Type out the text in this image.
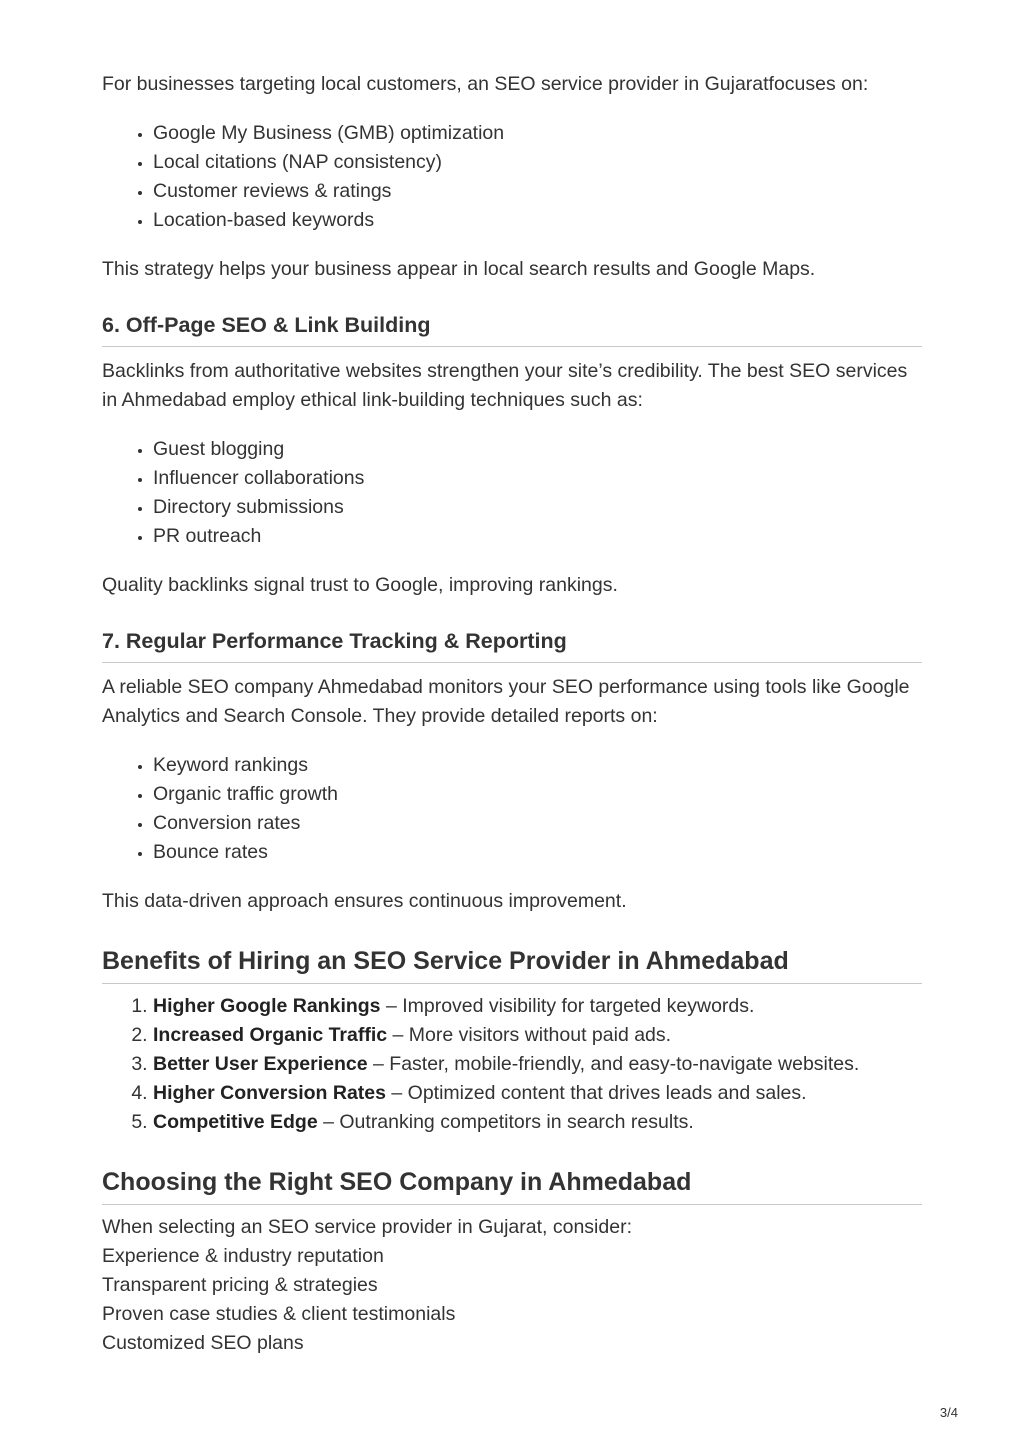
For businesses targeting local customers, an SEO service provider in Gujaratfocuses on:

• Google My Business (GMB) optimization
• Local citations (NAP consistency)
• Customer reviews & ratings
• Location-based keywords

This strategy helps your business appear in local search results and Google Maps.

6. Off-Page SEO & Link Building

Backlinks from authoritative websites strengthen your site’s credibility. The best SEO services in Ahmedabad employ ethical link-building techniques such as:

• Guest blogging
• Influencer collaborations
• Directory submissions
• PR outreach

Quality backlinks signal trust to Google, improving rankings.

7. Regular Performance Tracking & Reporting

A reliable SEO company Ahmedabad monitors your SEO performance using tools like Google Analytics and Search Console. They provide detailed reports on:

• Keyword rankings
• Organic traffic growth
• Conversion rates
• Bounce rates

This data-driven approach ensures continuous improvement.

Benefits of Hiring an SEO Service Provider in Ahmedabad
1. Higher Google Rankings – Improved visibility for targeted keywords.
2. Increased Organic Traffic – More visitors without paid ads.
3. Better User Experience – Faster, mobile-friendly, and easy-to-navigate websites.
4. Higher Conversion Rates – Optimized content that drives leads and sales.
5. Competitive Edge – Outranking competitors in search results.
Choosing the Right SEO Company in Ahmedabad

When selecting an SEO service provider in Gujarat, consider:

Experience & industry reputation

Transparent pricing & strategies

Proven case studies & client testimonials

Customized SEO plans

3/4
